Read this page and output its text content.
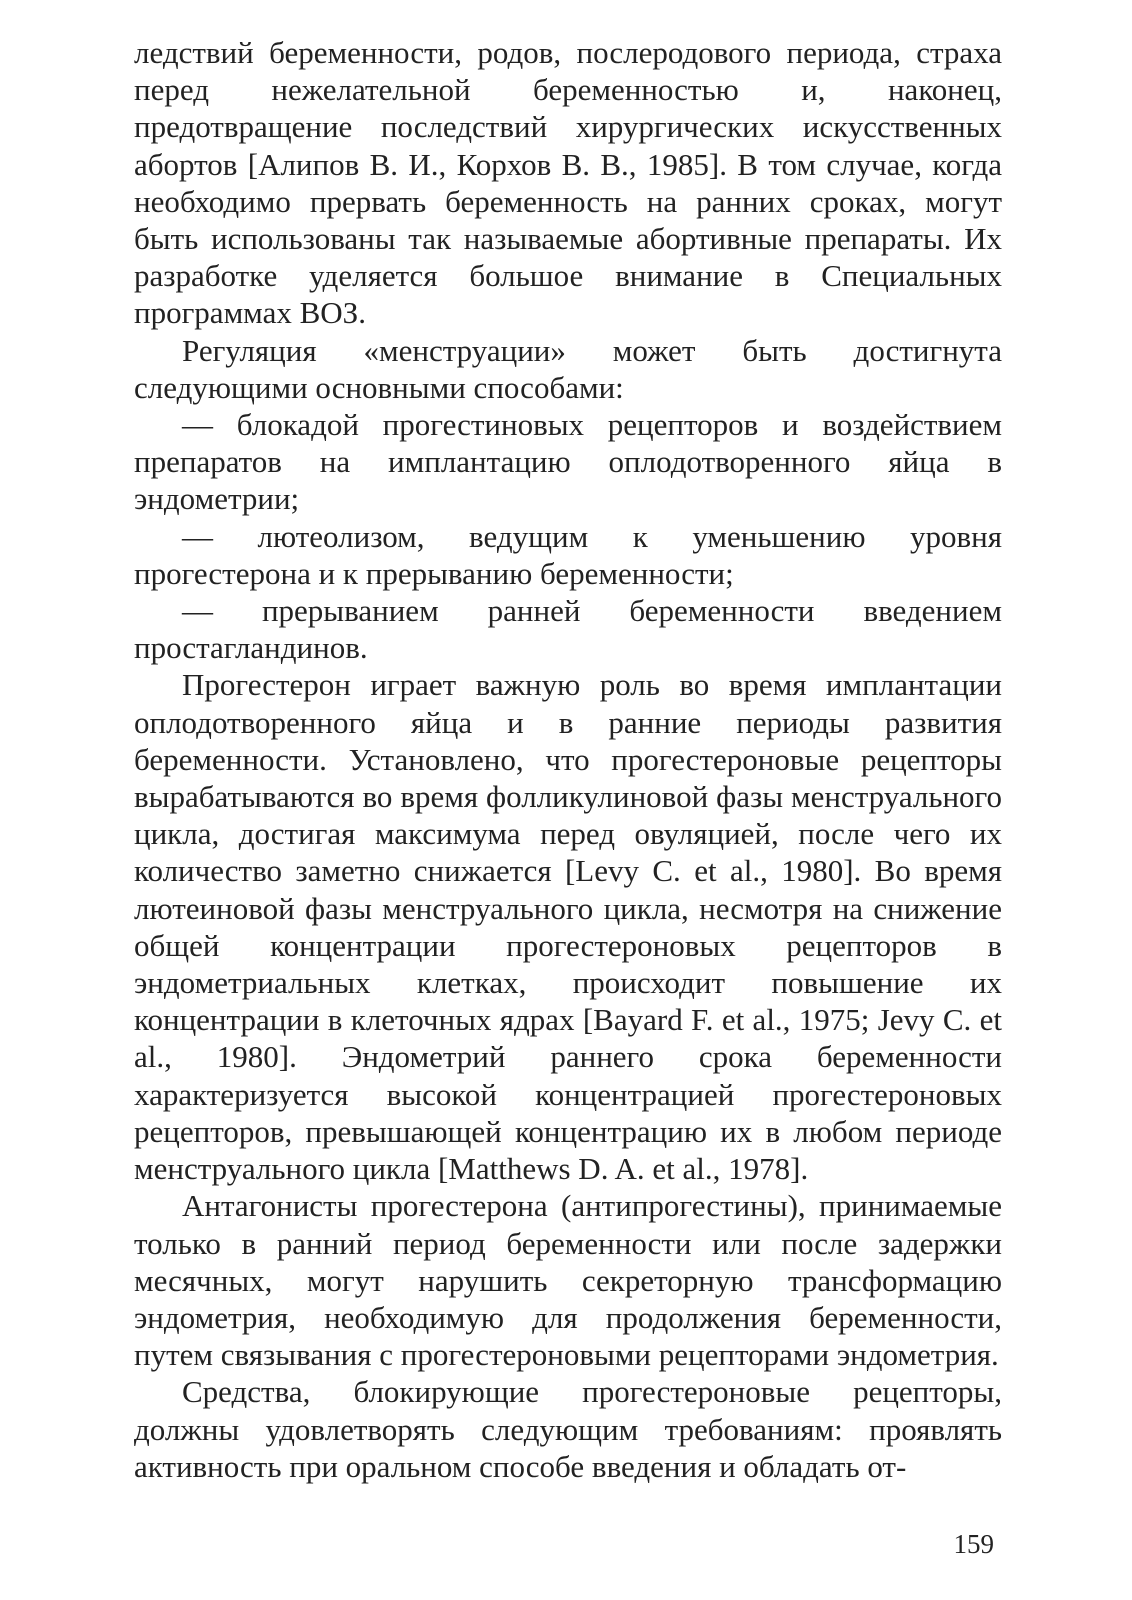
ледствий беременности, родов, послеродового периода, страха перед нежелательной беременностью и, наконец, предотвращение последствий хирургических искусственных абортов [Алипов В. И., Корхов В. В., 1985]. В том случае, когда необходимо прервать беременность на ранних сроках, могут быть использованы так называемые абортивные препараты. Их разработке уделяется большое внимание в Специальных программах ВОЗ.

Регуляция «менструации» может быть достигнута следующими основными способами:

— блокадой прогестиновых рецепторов и воздействием препаратов на имплантацию оплодотворенного яйца в эндометрии;

— лютеолизом, ведущим к уменьшению уровня прогестерона и к прерыванию беременности;

— прерыванием ранней беременности введением простагландинов.

Прогестерон играет важную роль во время имплантации оплодотворенного яйца и в ранние периоды развития беременности. Установлено, что прогестероновые рецепторы вырабатываются во время фолликулиновой фазы менструального цикла, достигая максимума перед овуляцией, после чего их количество заметно снижается [Levy C. et al., 1980]. Во время лютеиновой фазы менструального цикла, несмотря на снижение общей концентрации прогестероновых рецепторов в эндометриальных клетках, происходит повышение их концентрации в клеточных ядрах [Bayard F. et al., 1975; Jevy C. et al., 1980]. Эндометрий раннего срока беременности характеризуется высокой концентрацией прогестероновых рецепторов, превышающей концентрацию их в любом периоде менструального цикла [Matthews D. A. et al., 1978].

Антагонисты прогестерона (антипрогестины), принимаемые только в ранний период беременности или после задержки месячных, могут нарушить секреторную трансформацию эндометрия, необходимую для продолжения беременности, путем связывания с прогестероновыми рецепторами эндометрия.

Средства, блокирующие прогестероновые рецепторы, должны удовлетворять следующим требованиям: проявлять активность при оральном способе введения и обладать от-

159
